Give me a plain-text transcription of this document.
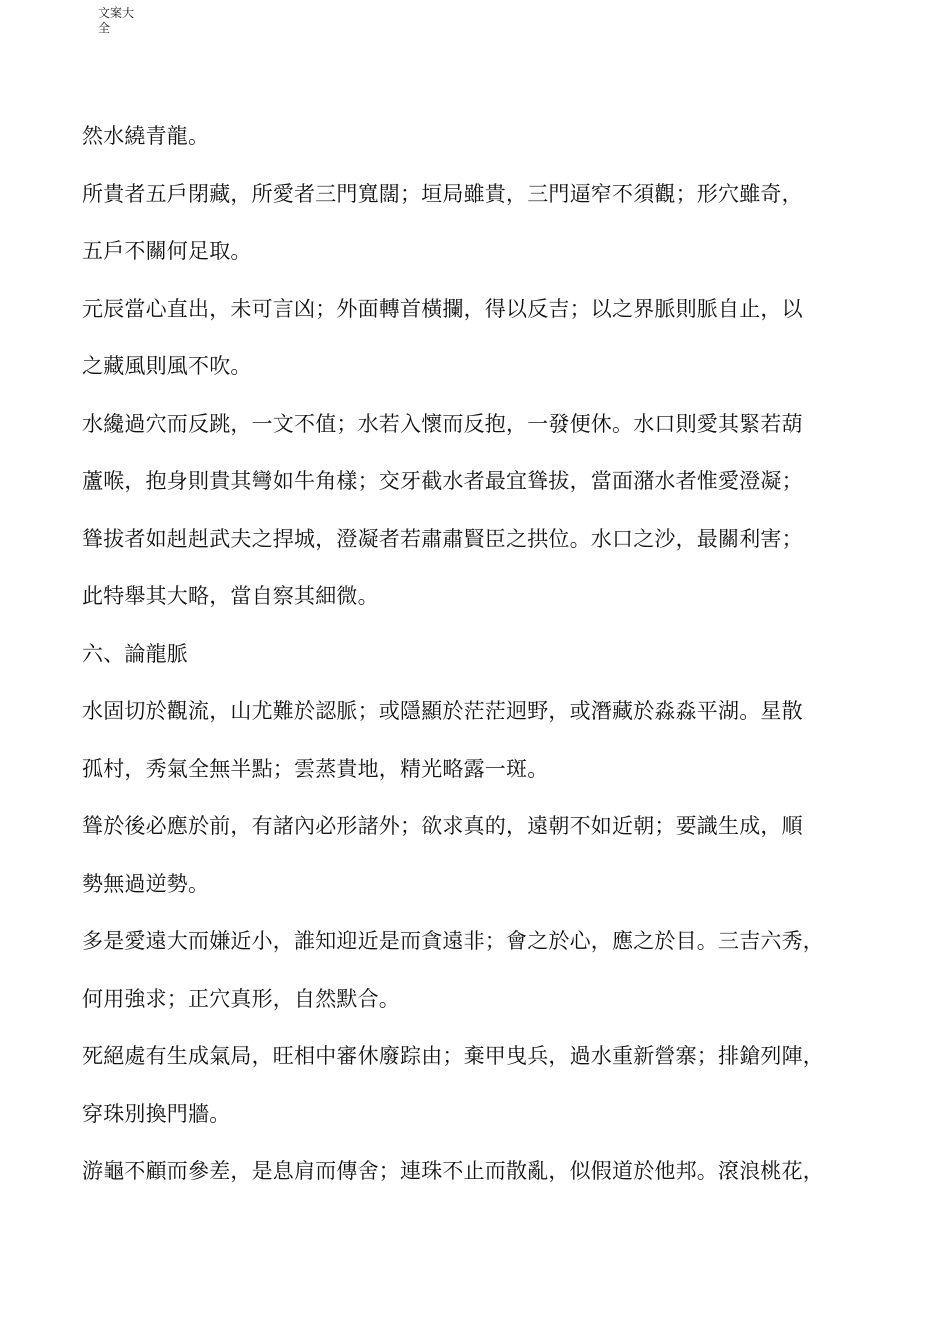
文案大全

然水繞青龍。

所貴者五戶閉藏，所愛者三門寬闊；垣局雖貴，三門逼窄不須觀；形穴雖奇，
五戶不關何足取。

元辰當心直出，未可言凶；外面轉首橫攔，得以反吉；以之界脈則脈自止，以
之藏風則風不吹。

水纔過穴而反跳，一文不值；水若入懷而反抱，一發便休。水口則愛其緊若葫
蘆喉，抱身則貴其彎如牛角樣；交牙截水者最宜聳拔，當面潴水者惟愛澄凝；
聳拔者如赳赳武夫之捍城，澄凝者若肅肅賢臣之拱位。水口之沙，最關利害；
此特舉其大略，當自察其細微。

六、論龍脈

水固切於觀流，山尤難於認脈；或隱顯於茫茫迥野，或潛藏於淼淼平湖。星散
孤村，秀氣全無半點；雲蒸貴地，精光略露一斑。

聳於後必應於前，有諸內必形諸外；欲求真的，遠朝不如近朝；要識生成，順
勢無過逆勢。

多是愛遠大而嫌近小，誰知迎近是而貪遠非；會之於心，應之於目。三吉六秀，
何用強求；正穴真形，自然默合。

死絕處有生成氣局，旺相中審休廢踪由；棄甲曳兵，過水重新營寨；排鎗列陣，
穿珠別換門牆。

游龜不顧而參差，是息肩而傳舍；連珠不止而散亂，似假道於他邦。滾浪桃花，
